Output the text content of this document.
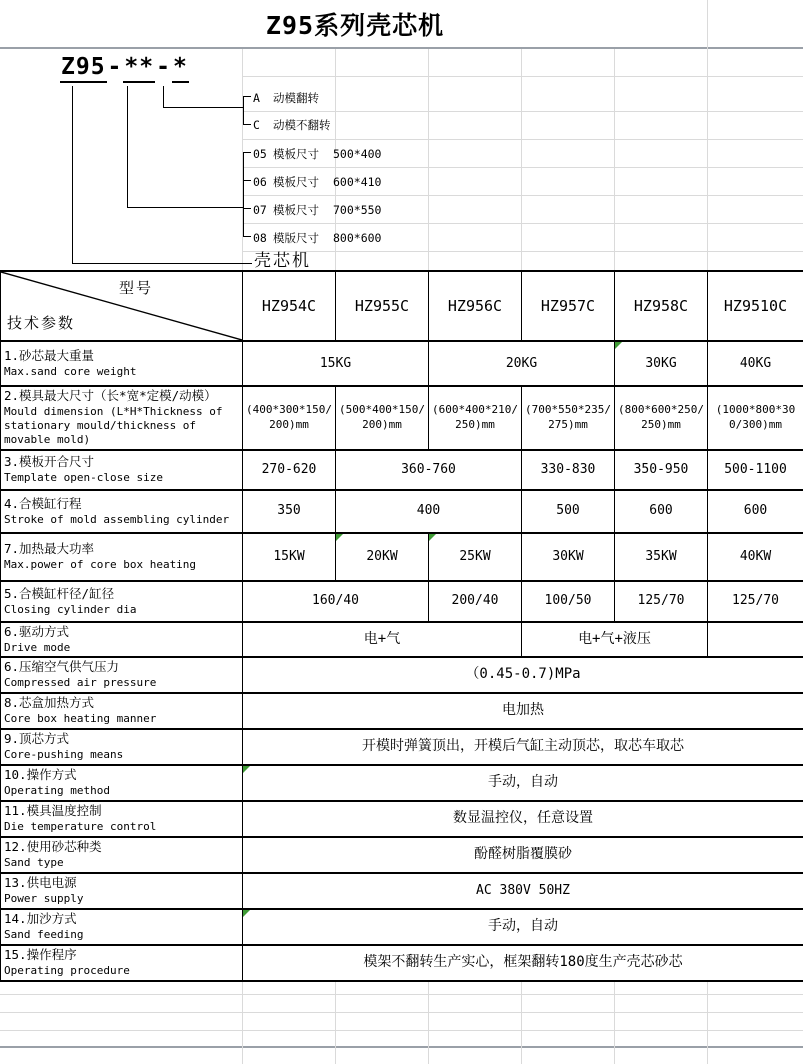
Z95系列壳芯机
Z95 - ** - *
A 动模翻转
C 动模不翻转
05 模板尺寸 500*400
06 模板尺寸 600*410
07 模板尺寸 700*550
08 模版尺寸 800*600
壳芯机
型号
技术参数	HZ954C	HZ955C	HZ956C	HZ957C	HZ958C	HZ9510C

1.砂芯最大重量
Max.sand core weight	15KG		20KG		30KG	40KG

2.模具最大尺寸（长*宽*定模/动模）
Mould dimension (L*H*Thickness of stationary mould/thickness of movable mold)	(400*300*150/200)mm	(500*400*150/200)mm	(600*400*210/250)mm	(700*550*235/275)mm	(800*600*250/250)mm	(1000*800*300/300)mm

3.模板开合尺寸
Template open-close size	270-620	360-760		330-830	350-950	500-1100

4.合模缸行程
Stroke of mold assembling cylinder	350	400		500	600	600

7.加热最大功率
Max.power of core box heating	15KW	20KW	25KW	30KW	35KW	40KW

5.合模缸杆径/缸径
Closing cylinder dia	160/40		200/40	100/50	125/70	125/70

6.驱动方式
Drive mode	电+气			电+气+液压		

6.压缩空气供气压力
Compressed air pressure	（0.45-0.7)MPa					

8.芯盒加热方式
Core box heating manner	电加热					

9.顶芯方式
Core-pushing means	开模时弹簧顶出，开模后气缸主动顶芯，取芯车取芯					

10.操作方式
Operating method	手动，自动					

11.模具温度控制
Die temperature control	数显温控仪，任意设置					

12.使用砂芯种类
Sand type	酚醛树脂覆膜砂					

13.供电电源
Power supply	AC 380V 50HZ					

14.加沙方式
Sand feeding	手动，自动					

15.操作程序
Operating procedure	模架不翻转生产实心，框架翻转180度生产壳芯砂芯					
